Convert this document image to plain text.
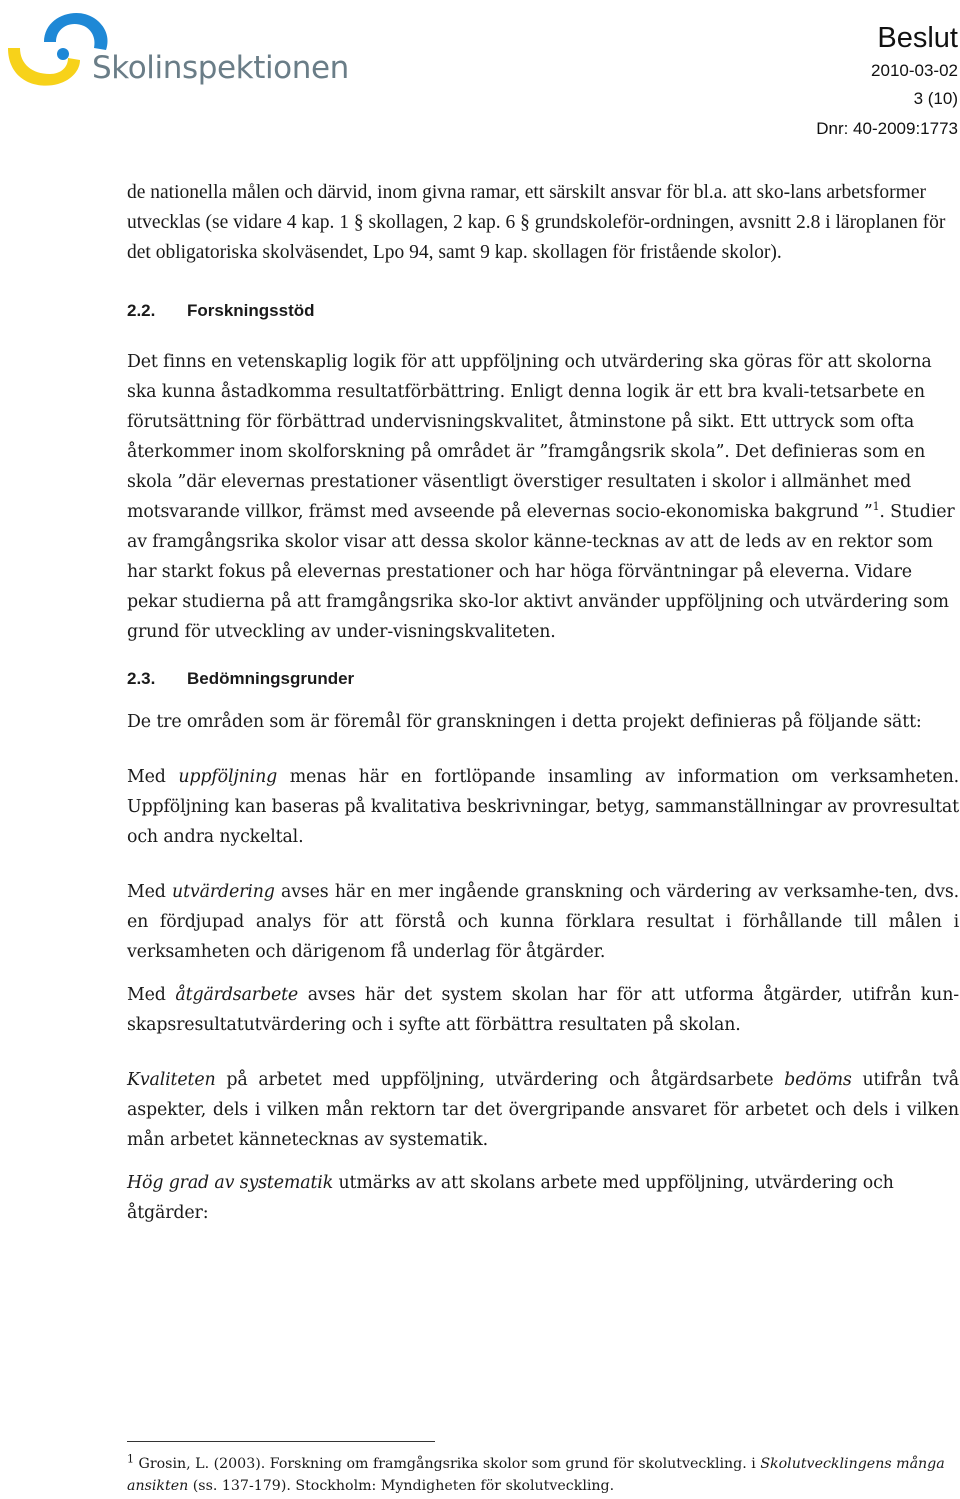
Skolinspektionen
Beslut
2010-03-02
3 (10)
Dnr: 40-2009:1773

de nationella målen och därvid, inom givna ramar, ett särskilt ansvar för bl.a. att sko-lans arbetsformer utvecklas (se vidare 4 kap. 1 § skollagen, 2 kap. 6 § grundskoleför-ordningen, avsnitt 2.8 i läroplanen för det obligatoriska skolväsendet, Lpo 94, samt 9 kap. skollagen för fristående skolor).

2.2.	Forskningsstöd

Det finns en vetenskaplig logik för att uppföljning och utvärdering ska göras för att skolorna ska kunna åstadkomma resultatförbättring. Enligt denna logik är ett bra kvali-tetsarbete en förutsättning för förbättrad undervisningskvalitet, åtminstone på sikt. Ett uttryck som ofta återkommer inom skolforskning på området är ”framgångsrik skola”. Det definieras som en skola ”där elevernas prestationer väsentligt överstiger resultaten i skolor i allmänhet med motsvarande villkor, främst med avseende på elevernas socio-ekonomiska bakgrund ”$^1$. Studier av framgångsrika skolor visar att dessa skolor känne-tecknas av att de leds av en rektor som har starkt fokus på elevernas prestationer och har höga förväntningar på eleverna. Vidare pekar studierna på att framgångsrika sko-lor aktivt använder uppföljning och utvärdering som grund för utveckling av under-visningskvaliteten.

2.3.	Bedömningsgrunder

De tre områden som är föremål för granskningen i detta projekt definieras på följande sätt:

Med uppföljning menas här en fortlöpande insamling av information om verksamheten. Uppföljning kan baseras på kvalitativa beskrivningar, betyg, sammanställningar av provresultat och andra nyckeltal.

Med utvärdering avses här en mer ingående granskning och värdering av verksamhe-ten, dvs. en fördjupad analys för att förstå och kunna förklara resultat i förhållande till målen i verksamheten och därigenom få underlag för åtgärder.

Med åtgärdsarbete avses här det system skolan har för att utforma åtgärder, utifrån kun-skapsresultatutvärdering och i syfte att förbättra resultaten på skolan.

Kvaliteten på arbetet med uppföljning, utvärdering och åtgärdsarbete bedöms utifrån två aspekter, dels i vilken mån rektorn tar det övergripande ansvaret för arbetet och dels i vilken mån arbetet kännetecknas av systematik.

Hög grad av systematik utmärks av att skolans arbete med uppföljning, utvärdering och åtgärder:

$^1$ Grosin, L. (2003). Forskning om framgångsrika skolor som grund för skolutveckling. i Skolutvecklingens många ansikten (ss. 137-179). Stockholm: Myndigheten för skolutveckling.
